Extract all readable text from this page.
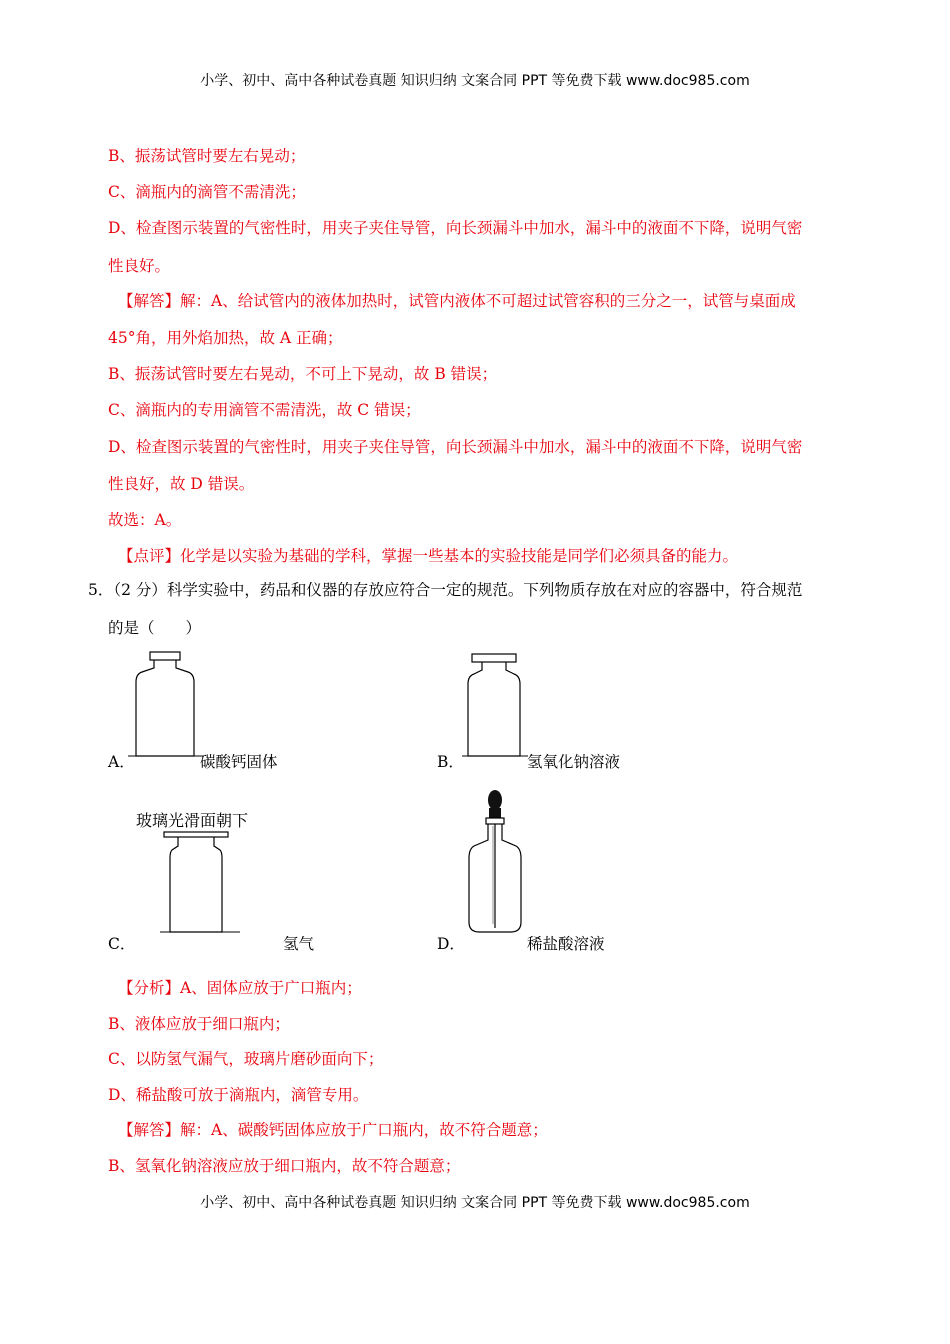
小学、初中、高中各种试卷真题 知识归纳 文案合同 PPT 等免费下载 www.doc985.com
B、振荡试管时要左右晃动；
C、滴瓶内的滴管不需清洗；
D、检查图示装置的气密性时，用夹子夹住导管，向长颈漏斗中加水，漏斗中的液面不下降，说明气密
性良好。
【解答】解：A、给试管内的液体加热时，试管内液体不可超过试管容积的三分之一，试管与桌面成
45°角，用外焰加热，故 A 正确；
B、振荡试管时要左右晃动，不可上下晃动，故 B 错误；
C、滴瓶内的专用滴管不需清洗，故 C 错误；
D、检查图示装置的气密性时，用夹子夹住导管，向长颈漏斗中加水，漏斗中的液面不下降，说明气密
性良好，故 D 错误。
故选：A。
【点评】化学是以实验为基础的学科，掌握一些基本的实验技能是同学们必须具备的能力。
5．（2 分）科学实验中，药品和仪器的存放应符合一定的规范。下列物质存放在对应的容器中，符合规范
的是（　　）
A．	碳酸钙固体	B．	氢氧化钠溶液
玻璃光滑面朝下
C．	氢气	D．	稀盐酸溶液
【分析】A、固体应放于广口瓶内；
B、液体应放于细口瓶内；
C、以防氢气漏气，玻璃片磨砂面向下；
D、稀盐酸可放于滴瓶内，滴管专用。
【解答】解：A、碳酸钙固体应放于广口瓶内，故不符合题意；
B、氢氧化钠溶液应放于细口瓶内，故不符合题意；
小学、初中、高中各种试卷真题 知识归纳 文案合同 PPT 等免费下载 www.doc985.com
